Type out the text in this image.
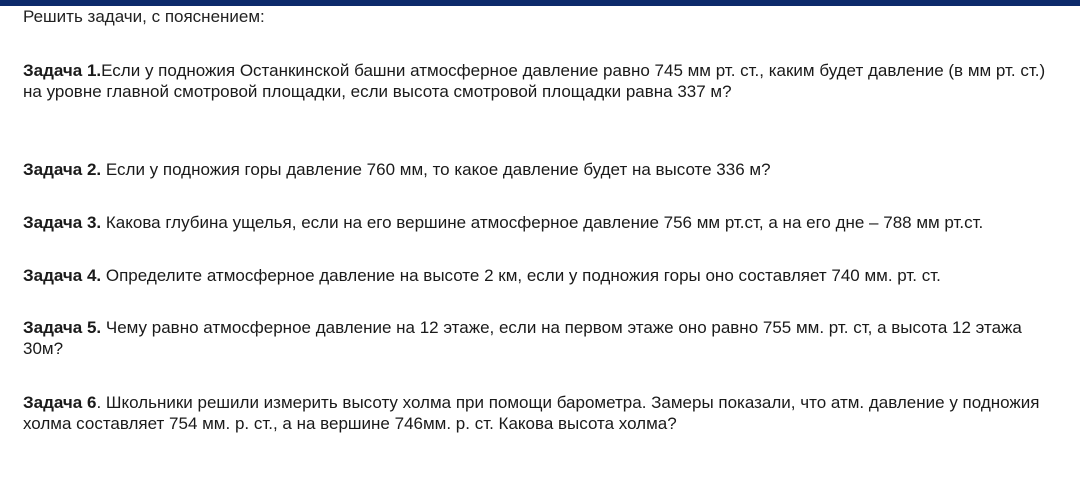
Решить задачи, с пояснением:

Задача 1.Если у подножия Останкинской башни атмосферное давление равно 745 мм рт. ст., каким будет давление (в мм рт. ст.) на уровне главной смотровой площадки, если высота смотровой площадки равна 337 м?

Задача 2. Если у подножия горы давление 760 мм, то какое давление будет на высоте 336 м?

Задача 3. Какова глубина ущелья, если на его вершине атмосферное давление 756 мм рт.ст, а на его дне – 788 мм рт.ст.

Задача 4. Определите атмосферное давление на высоте 2 км, если у подножия горы оно составляет 740 мм. рт. ст.

Задача 5. Чему равно атмосферное давление на 12 этаже, если на первом этаже оно равно 755 мм. рт. ст, а высота 12 этажа 30м?

Задача 6. Школьники решили измерить высоту холма при помощи барометра. Замеры показали, что атм. давление у подножия холма составляет 754 мм. р. ст., а на вершине 746мм. р. ст. Какова высота холма?
